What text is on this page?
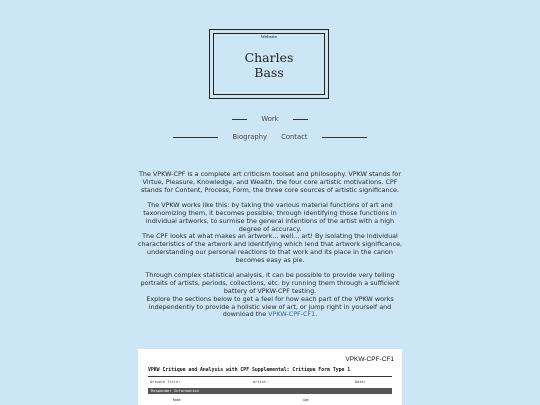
Website
Charles
Bass
Work
Biography Contact

The VPKW-CPF is a complete art criticism toolset and philosophy. VPKW stands for Virtue, Pleasure, Knowledge, and Wealth, the four core artistic motivations. CPF stands for Content, Process, Form, the three core sources of artistic significance.

The VPKW works like this: by taking the various material functions of art and taxonomizing them, it becomes possible, through identifying those functions in individual artworks, to surmise the general intentions of the artist with a high degree of accuracy.

The CPF looks at what makes an artwork... well... art! By isolating the individual characteristics of the artwork and identifying which lend that artwork significance, understanding our personal reactions to that work and its place in the canon becomes easy as pie.

Through complex statistical analysis, it can be possible to provide very telling portraits of artists, periods, collections, etc. by running them through a sufficient battery of VPKW-CPF testing.

Explore the sections below to get a feel for how each part of the VPKW works independently to provide a holistic view of art, or jump right in yourself and download the VPKW-CPF-CF1.

VPKW-CPF-CF1
VPKW Critique and Analysis with CPF Supplemental: Critique Form Type 1
Artwork Title:	Artist:	Date:
Responder Information
Name	Age
